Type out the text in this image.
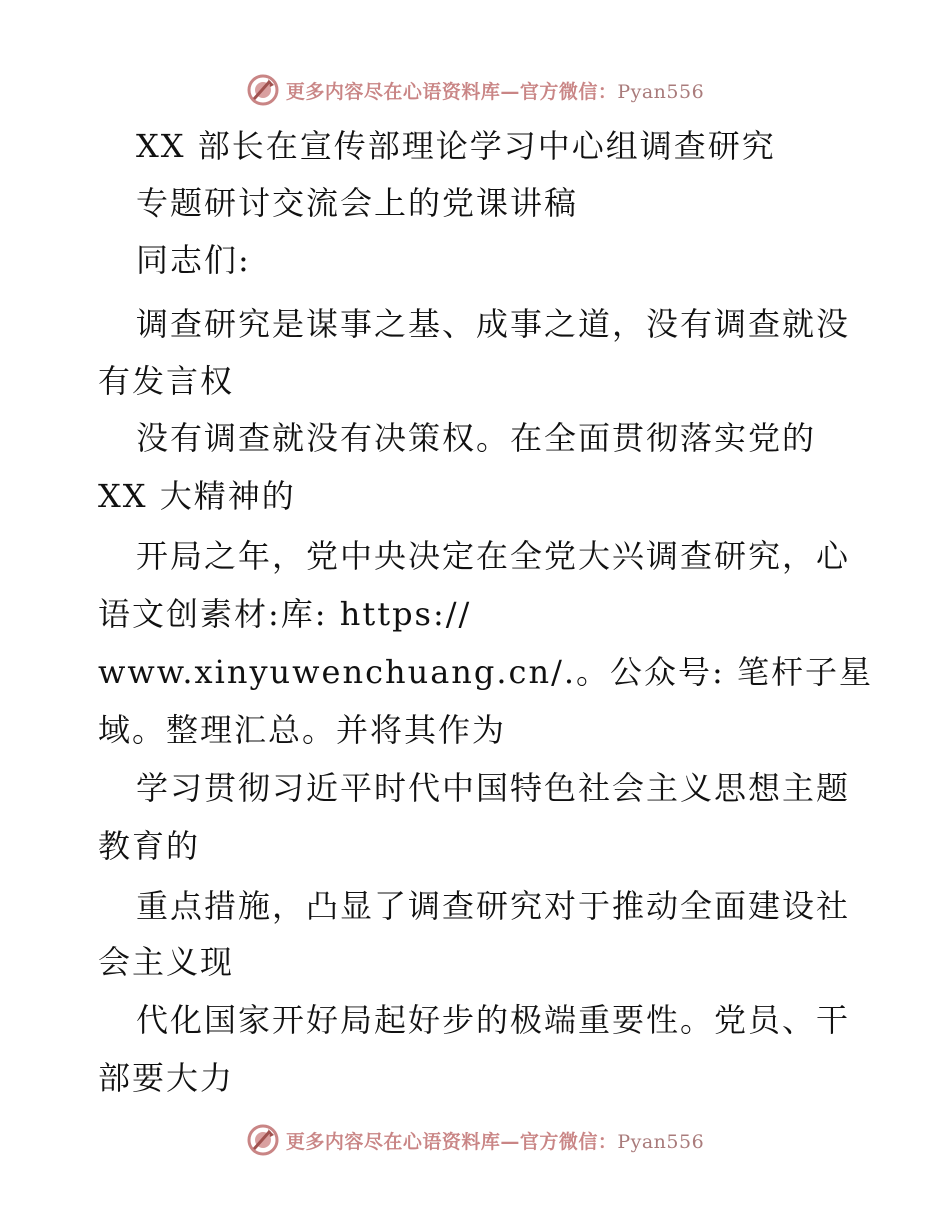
更多内容尽在心语资料库—官方微信：Pyan556
XX 部长在宣传部理论学习中心组调查研究
专题研讨交流会上的党课讲稿
同志们:
调查研究是谋事之基、成事之道，没有调查就没
有发言权
没有调查就没有决策权。在全面贯彻落实党的
XX 大精神的
开局之年，党中央决定在全党大兴调查研究，心
语文创素材:库: https://
www.xinyuwenchuang.cn/.。公众号: 笔杆子星
域。整理汇总。并将其作为
学习贯彻习近平时代中国特色社会主义思想主题
教育的
重点措施，凸显了调查研究对于推动全面建设社
会主义现
代化国家开好局起好步的极端重要性。党员、干
部要大力
更多内容尽在心语资料库—官方微信：Pyan556
